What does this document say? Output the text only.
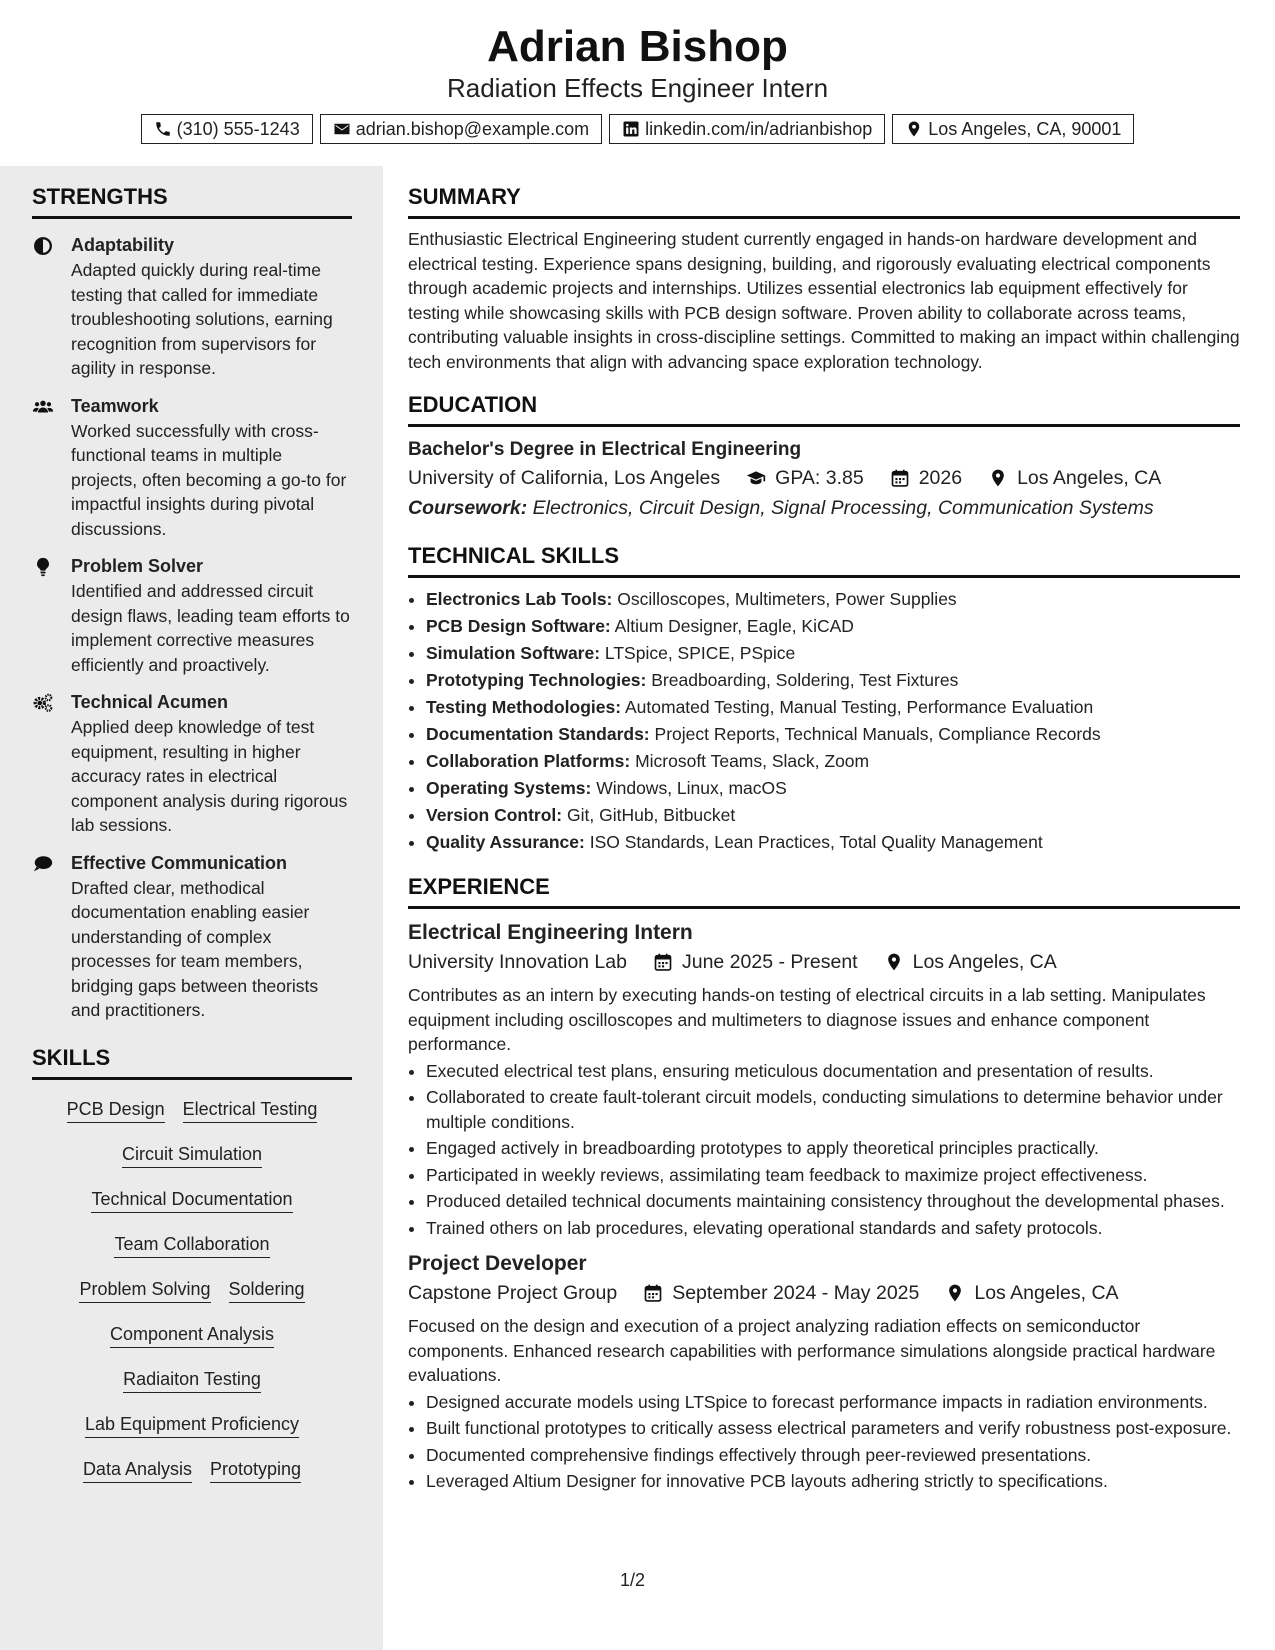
Adrian Bishop
Radiation Effects Engineer Intern
(310) 555-1243	adrian.bishop@example.com	linkedin.com/in/adrianbishop	Los Angeles, CA, 90001
STRENGTHS
Adaptability
Adapted quickly during real-time testing that called for immediate troubleshooting solutions, earning recognition from supervisors for agility in response.
Teamwork
Worked successfully with cross-functional teams in multiple projects, often becoming a go-to for impactful insights during pivotal discussions.
Problem Solver
Identified and addressed circuit design flaws, leading team efforts to implement corrective measures efficiently and proactively.
Technical Acumen
Applied deep knowledge of test equipment, resulting in higher accuracy rates in electrical component analysis during rigorous lab sessions.
Effective Communication
Drafted clear, methodical documentation enabling easier understanding of complex processes for team members, bridging gaps between theorists and practitioners.
SKILLS
PCB Design Electrical Testing
Circuit Simulation
Technical Documentation
Team Collaboration
Problem Solving Soldering
Component Analysis
Radiaiton Testing
Lab Equipment Proficiency
Data Analysis Prototyping
SUMMARY
Enthusiastic Electrical Engineering student currently engaged in hands-on hardware development and electrical testing. Experience spans designing, building, and rigorously evaluating electrical components through academic projects and internships. Utilizes essential electronics lab equipment effectively for testing while showcasing skills with PCB design software. Proven ability to collaborate across teams, contributing valuable insights in cross-discipline settings. Committed to making an impact within challenging tech environments that align with advancing space exploration technology.
EDUCATION
Bachelor's Degree in Electrical Engineering
University of California, Los Angeles	GPA: 3.85	2026	Los Angeles, CA
Coursework: Electronics, Circuit Design, Signal Processing, Communication Systems
TECHNICAL SKILLS
• Electronics Lab Tools: Oscilloscopes, Multimeters, Power Supplies
• PCB Design Software: Altium Designer, Eagle, KiCAD
• Simulation Software: LTSpice, SPICE, PSpice
• Prototyping Technologies: Breadboarding, Soldering, Test Fixtures
• Testing Methodologies: Automated Testing, Manual Testing, Performance Evaluation
• Documentation Standards: Project Reports, Technical Manuals, Compliance Records
• Collaboration Platforms: Microsoft Teams, Slack, Zoom
• Operating Systems: Windows, Linux, macOS
• Version Control: Git, GitHub, Bitbucket
• Quality Assurance: ISO Standards, Lean Practices, Total Quality Management
EXPERIENCE
Electrical Engineering Intern
University Innovation Lab	June 2025 - Present	Los Angeles, CA
Contributes as an intern by executing hands-on testing of electrical circuits in a lab setting. Manipulates equipment including oscilloscopes and multimeters to diagnose issues and enhance component performance.
• Executed electrical test plans, ensuring meticulous documentation and presentation of results.
• Collaborated to create fault-tolerant circuit models, conducting simulations to determine behavior under multiple conditions.
• Engaged actively in breadboarding prototypes to apply theoretical principles practically.
• Participated in weekly reviews, assimilating team feedback to maximize project effectiveness.
• Produced detailed technical documents maintaining consistency throughout the developmental phases.
• Trained others on lab procedures, elevating operational standards and safety protocols.
Project Developer
Capstone Project Group	September 2024 - May 2025	Los Angeles, CA
Focused on the design and execution of a project analyzing radiation effects on semiconductor components. Enhanced research capabilities with performance simulations alongside practical hardware evaluations.
• Designed accurate models using LTSpice to forecast performance impacts in radiation environments.
• Built functional prototypes to critically assess electrical parameters and verify robustness post-exposure.
• Documented comprehensive findings effectively through peer-reviewed presentations.
• Leveraged Altium Designer for innovative PCB layouts adhering strictly to specifications.
1/2
